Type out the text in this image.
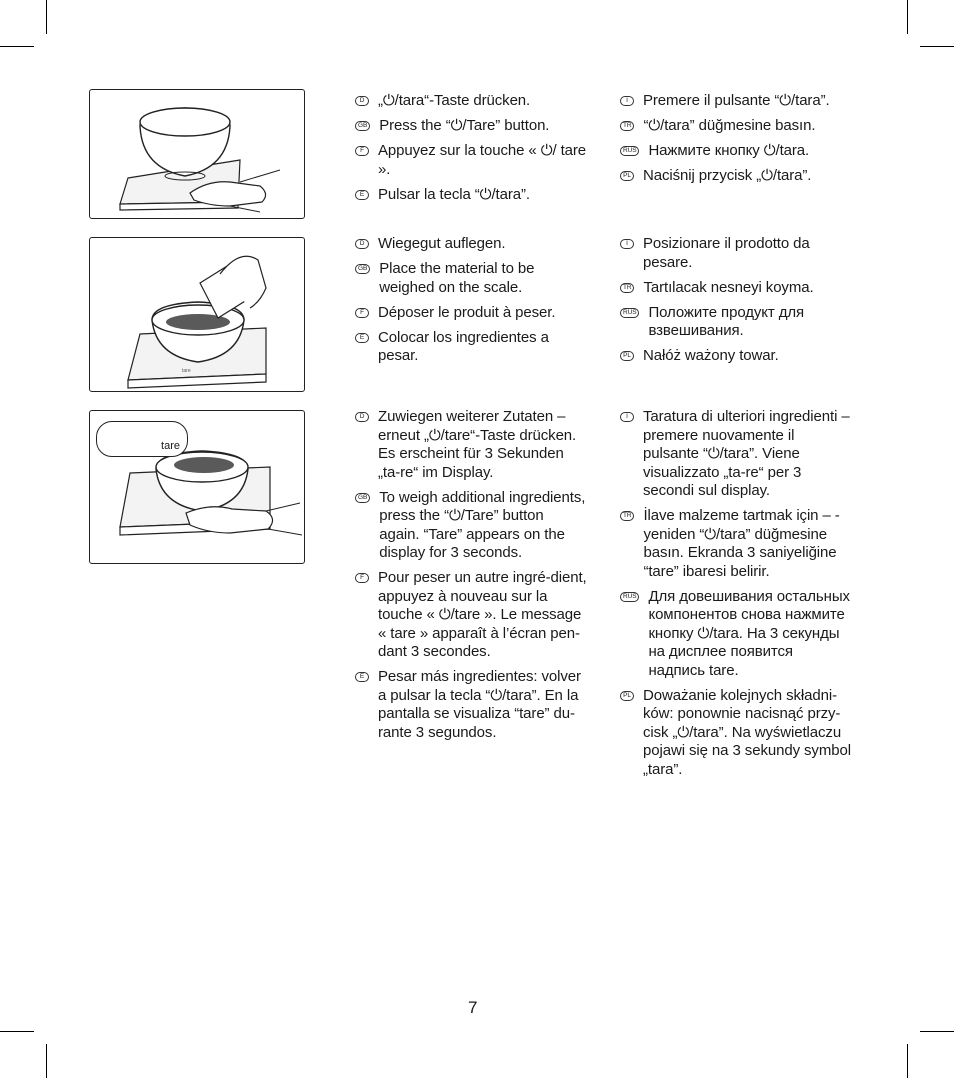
tare
tare
D „⏻/tara“-Taste drücken.
GB Press the “⏻/Tare” button.
F Appuyez sur la touche « ⏻/ tare ».
E Pulsar la tecla “⏻/tara”.
I	Premere il pulsante “⏻/tara”.
TR “⏻/tara” düğmesine basın.
RUS Нажмите кнопку ⏻/tara.
PL Naciśnij przycisk „⏻/tara”.
D Wiegegut auflegen.
GB Place the material to be weighed on the scale.
F Déposer le produit à peser.
E Colocar los ingredientes a pesar.
I	Posizionare il prodotto da pesare.
TR Tartılacak nesneyi koyma.
RUS Положите продукт для взвешивания.
PL Nałóż ważony towar.
D Zuwiegen weiterer Zutaten – erneut „⏻/tare“-Taste drücken. Es erscheint für 3 Sekunden „ta-re“ im Display.
GB To weigh additional ingredients, press the “⏻/Tare” button again. “Tare” appears on the display for 3 seconds.
F Pour peser un autre ingré-dient, appuyez à nouveau sur la touche « ⏻/tare ». Le message « tare » apparaît à l’écran pen-dant 3 secondes.
E Pesar más ingredientes: volver a pulsar la tecla “⏻/tara”. En la pantalla se visualiza “tare” du-rante 3 segundos.
I	Taratura di ulteriori ingredienti – premere nuovamente il pulsante “⏻/tara”. Viene visualizzato „ta-re“ per 3 secondi sul display.
TR İlave malzeme tartmak için – -yeniden “⏻/tara” düğmesine basın. Ekranda 3 saniyeliğine “tare” ibaresi belirir.
RUS Для довешивания остальных компонентов снова нажмите кнопку ⏻/tara. На 3 секунды на дисплее появится надпись tare.
PL Doważanie kolejnych składni-ków: ponownie nacisnąć przy-cisk „⏻/tara”. Na wyświetlaczu pojawi się na 3 sekundy symbol „tara”.
7
